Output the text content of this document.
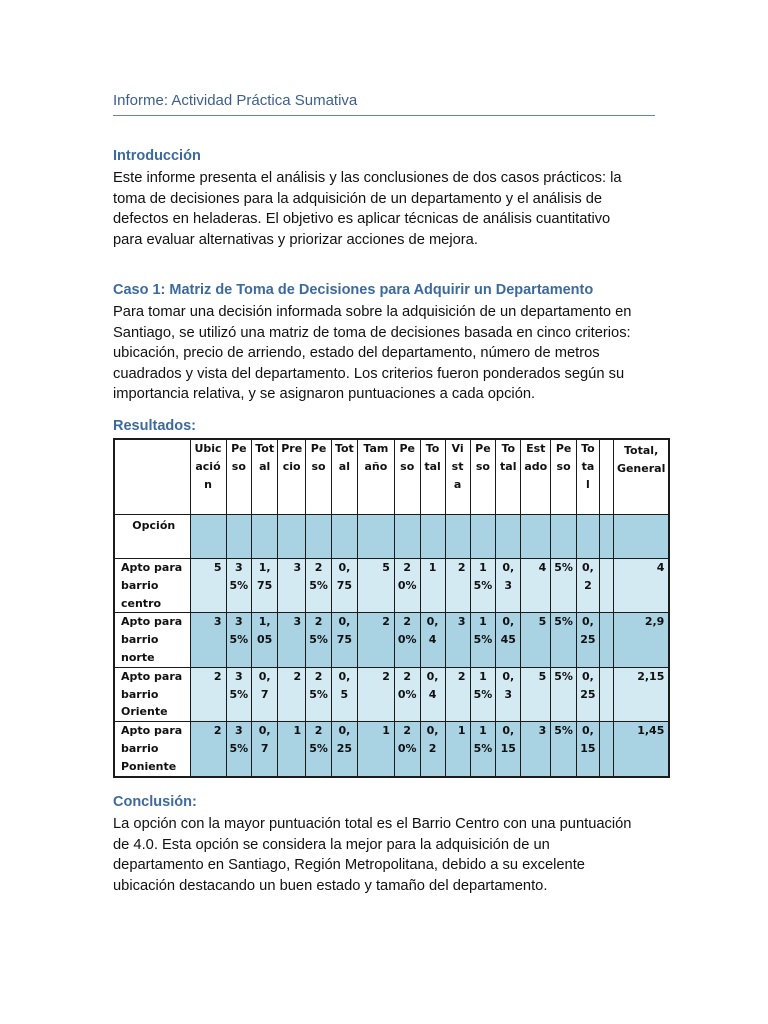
Informe: Actividad Práctica Sumativa
Introducción
Este informe presenta el análisis y las conclusiones de dos casos prácticos: la
toma de decisiones para la adquisición de un departamento y el análisis de
defectos en heladeras. El objetivo es aplicar técnicas de análisis cuantitativo
para evaluar alternativas y priorizar acciones de mejora.
Caso 1: Matriz de Toma de Decisiones para Adquirir un Departamento
Para tomar una decisión informada sobre la adquisición de un departamento en
Santiago, se utilizó una matriz de toma de decisiones basada en cinco criterios:
ubicación, precio de arriendo, estado del departamento, número de metros
cuadrados y vista del departamento. Los criterios fueron ponderados según su
importancia relativa, y se asignaron puntuaciones a cada opción.
Resultados:
	Ubicación	Peso	Total	Precio	Peso	Total	Tamaño	Peso	Total	Vista	Peso	Total	Estado	Peso	Total		Total, General
Opción																	
Apto para barrio centro	5	35%	1,75	3	25%	0,75	5	20%	1	2	15%	0,3	4	5%	0,2		4
Apto para barrio norte	3	35%	1,05	3	25%	0,75	2	20%	0,4	3	15%	0,45	5	5%	0,25		2,9
Apto para barrio Oriente	2	35%	0,7	2	25%	0,5	2	20%	0,4	2	15%	0,3	5	5%	0,25		2,15
Apto para barrio Poniente	2	35%	0,7	1	25%	0,25	1	20%	0,2	1	15%	0,15	3	5%	0,15		1,45
Conclusión:
La opción con la mayor puntuación total es el Barrio Centro con una puntuación
de 4.0. Esta opción se considera la mejor para la adquisición de un
departamento en Santiago, Región Metropolitana, debido a su excelente
ubicación destacando un buen estado y tamaño del departamento.
